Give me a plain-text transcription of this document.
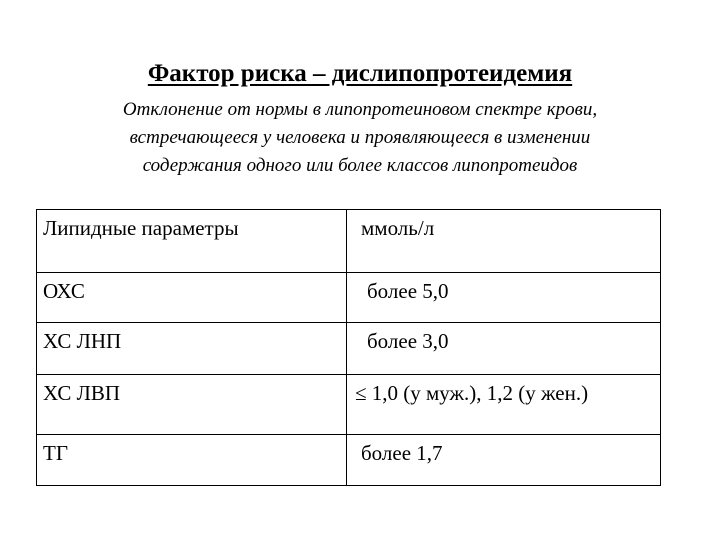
Фактор риска – дислипопротеидемия
Отклонение от нормы в липопротеиновом спектре крови,
встречающееся у человека и проявляющееся в изменении
содержания одного или более классов липопротеидов
Липидные параметры	ммоль/л
ОХС	более 5,0
ХС ЛНП	более 3,0
ХС ЛВП	≤ 1,0 (у муж.), 1,2 (у жен.)
ТГ	более 1,7
